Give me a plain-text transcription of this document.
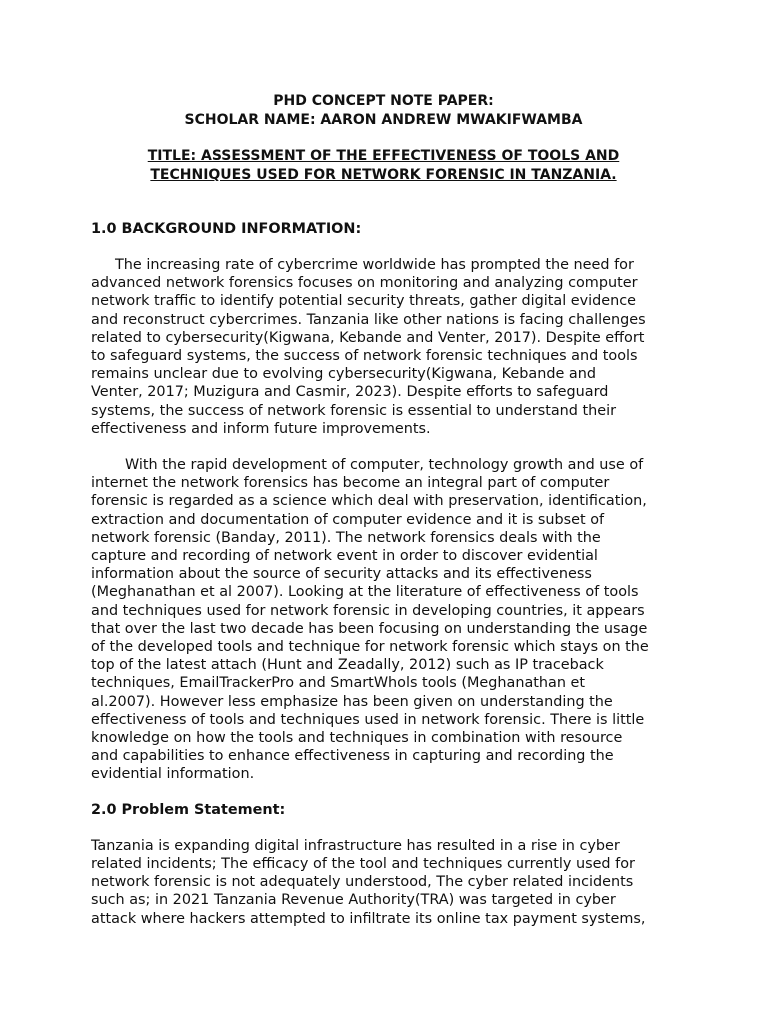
PHD CONCEPT NOTE PAPER:
SCHOLAR NAME: AARON ANDREW MWAKIFWAMBA
TITLE: ASSESSMENT OF THE EFFECTIVENESS OF TOOLS AND
TECHNIQUES USED FOR NETWORK FORENSIC IN TANZANIA.
1.0 BACKGROUND INFORMATION:

The increasing rate of cybercrime worldwide has prompted the need for
advanced network forensics focuses on monitoring and analyzing computer
network traffic to identify potential security threats, gather digital evidence
and reconstruct cybercrimes. Tanzania like other nations is facing challenges
related to cybersecurity(Kigwana, Kebande and Venter, 2017). Despite effort
to safeguard systems, the success of network forensic techniques and tools
remains unclear due to evolving cybersecurity(Kigwana, Kebande and
Venter, 2017; Muzigura and Casmir, 2023). Despite efforts to safeguard
systems, the success of network forensic is essential to understand their
effectiveness and inform future improvements.

With the rapid development of computer, technology growth and use of
internet the network forensics has become an integral part of computer
forensic is regarded as a science which deal with preservation, identification,
extraction and documentation of computer evidence and it is subset of
network forensic (Banday, 2011). The network forensics deals with the
capture and recording of network event in order to discover evidential
information about the source of security attacks and its effectiveness
(Meghanathan et al 2007). Looking at the literature of effectiveness of tools
and techniques used for network forensic in developing countries, it appears
that over the last two decade has been focusing on understanding the usage
of the developed tools and technique for network forensic which stays on the
top of the latest attach (Hunt and Zeadally, 2012) such as IP traceback
techniques, EmailTrackerPro and SmartWhols tools (Meghanathan et
al.2007). However less emphasize has been given on understanding the
effectiveness of tools and techniques used in network forensic. There is little
knowledge on how the tools and techniques in combination with resource
and capabilities to enhance effectiveness in capturing and recording the
evidential information.

2.0 Problem Statement:

Tanzania is expanding digital infrastructure has resulted in a rise in cyber
related incidents; The efficacy of the tool and techniques currently used for
network forensic is not adequately understood, The cyber related incidents
such as; in 2021 Tanzania Revenue Authority(TRA) was targeted in cyber
attack where hackers attempted to infiltrate its online tax payment systems,
